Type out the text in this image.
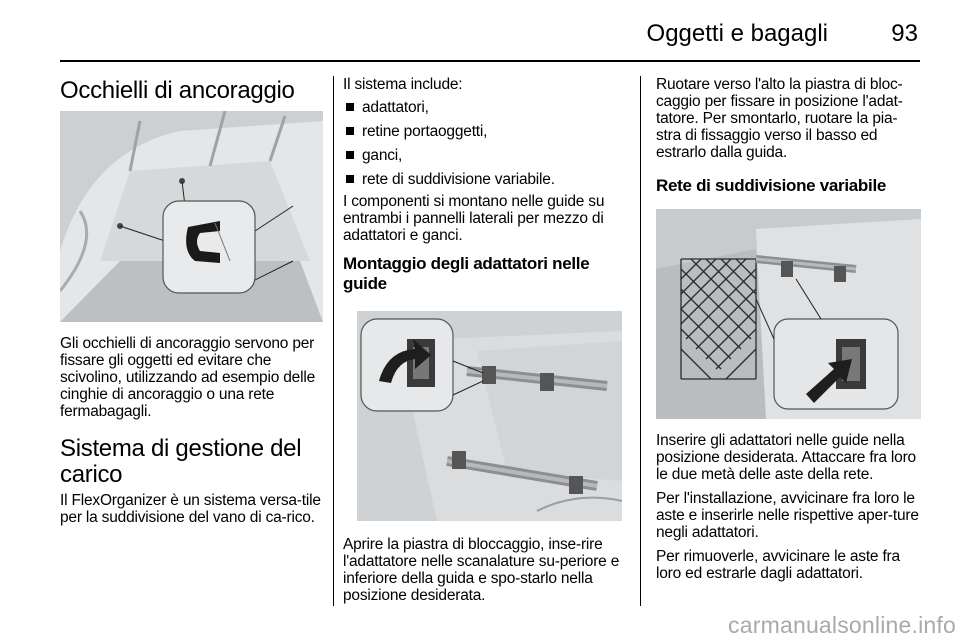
Oggetti e bagagli	93
Occhielli di ancoraggio

Gli occhielli di ancoraggio servono per fissare gli oggetti ed evitare che scivolino, utilizzando ad esempio delle cinghie di ancoraggio o una rete fermabagagli.

Sistema di gestione del carico

Il FlexOrganizer è un sistema versa-tile per la suddivisione del vano di ca-rico.

Il sistema include:

adattatori,
retine portaoggetti,
ganci,
rete di suddivisione variabile.

I componenti si montano nelle guide su entrambi i pannelli laterali per mezzo di adattatori e ganci.

Montaggio degli adattatori nelle guide

Aprire la piastra di bloccaggio, inse-rire l'adattatore nelle scanalature su-periore e inferiore della guida e spo-starlo nella posizione desiderata.

Ruotare verso l'alto la piastra di bloc-caggio per fissare in posizione l'adat-tatore. Per smontarlo, ruotare la pia-stra di fissaggio verso il basso ed estrarlo dalla guida.

Rete di suddivisione variabile

Inserire gli adattatori nelle guide nella posizione desiderata. Attaccare fra loro le due metà delle aste della rete.

Per l'installazione, avvicinare fra loro le aste e inserirle nelle rispettive aper-ture negli adattatori.

Per rimuoverle, avvicinare le aste fra loro ed estrarle dagli adattatori.

carmanualsonline.info
